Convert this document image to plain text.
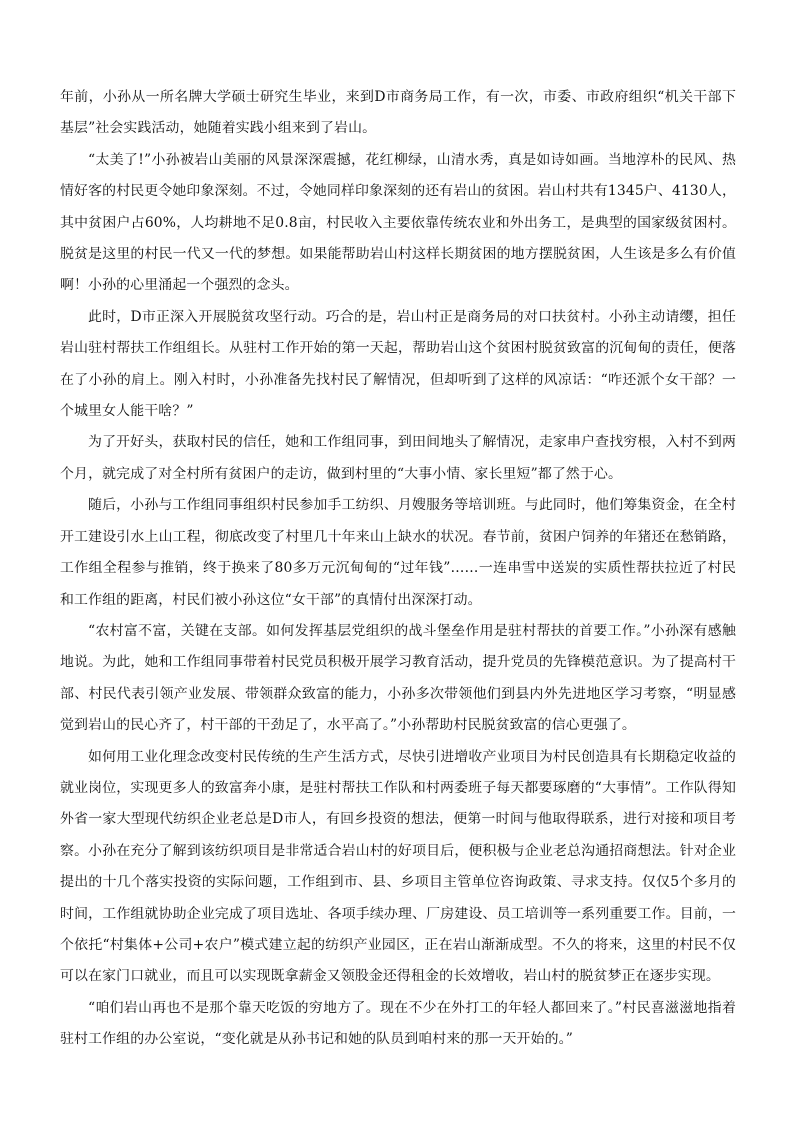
年前，小孙从一所名牌大学硕士研究生毕业，来到D市商务局工作，有一次，市委、市政府组织“机关干部下基层”社会实践活动，她随着实践小组来到了岩山。

“太美了!”小孙被岩山美丽的风景深深震撼，花红柳绿，山清水秀，真是如诗如画。当地淳朴的民风、热情好客的村民更令她印象深刻。不过，令她同样印象深刻的还有岩山的贫困。岩山村共有1345户、4130人，其中贫困户占60%，人均耕地不足0.8亩，村民收入主要依靠传统农业和外出务工，是典型的国家级贫困村。脱贫是这里的村民一代又一代的梦想。如果能帮助岩山村这样长期贫困的地方摆脱贫困，人生该是多么有价值啊！小孙的心里涌起一个强烈的念头。

此时，D市正深入开展脱贫攻坚行动。巧合的是，岩山村正是商务局的对口扶贫村。小孙主动请缨，担任岩山驻村帮扶工作组组长。从驻村工作开始的第一天起，帮助岩山这个贫困村脱贫致富的沉甸甸的责任，便落在了小孙的肩上。刚入村时，小孙准备先找村民了解情况，但却听到了这样的风凉话：“咋还派个女干部？一个城里女人能干啥？”

为了开好头，获取村民的信任，她和工作组同事，到田间地头了解情况，走家串户查找穷根，入村不到两个月，就完成了对全村所有贫困户的走访，做到村里的“大事小情、家长里短”都了然于心。

随后，小孙与工作组同事组织村民参加手工纺织、月嫂服务等培训班。与此同时，他们筹集资金，在全村开工建设引水上山工程，彻底改变了村里几十年来山上缺水的状况。春节前，贫困户饲养的年猪还在愁销路，工作组全程参与推销，终于换来了80多万元沉甸甸的“过年钱”……一连串雪中送炭的实质性帮扶拉近了村民和工作组的距离，村民们被小孙这位“女干部”的真情付出深深打动。

“农村富不富，关键在支部。如何发挥基层党组织的战斗堡垒作用是驻村帮扶的首要工作。”小孙深有感触地说。为此，她和工作组同事带着村民党员积极开展学习教育活动，提升党员的先锋模范意识。为了提高村干部、村民代表引领产业发展、带领群众致富的能力，小孙多次带领他们到县内外先进地区学习考察，“明显感觉到岩山的民心齐了，村干部的干劲足了，水平高了。”小孙帮助村民脱贫致富的信心更强了。

如何用工业化理念改变村民传统的生产生活方式，尽快引进增收产业项目为村民创造具有长期稳定收益的就业岗位，实现更多人的致富奔小康，是驻村帮扶工作队和村两委班子每天都要琢磨的“大事情”。工作队得知外省一家大型现代纺织企业老总是D市人，有回乡投资的想法，便第一时间与他取得联系，进行对接和项目考察。小孙在充分了解到该纺织项目是非常适合岩山村的好项目后，便积极与企业老总沟通招商想法。针对企业提出的十几个落实投资的实际问题，工作组到市、县、乡项目主管单位咨询政策、寻求支持。仅仅5个多月的时间，工作组就协助企业完成了项目选址、各项手续办理、厂房建设、员工培训等一系列重要工作。目前，一个依托“村集体+公司+农户”模式建立起的纺织产业园区，正在岩山渐渐成型。不久的将来，这里的村民不仅可以在家门口就业，而且可以实现既拿薪金又领股金还得租金的长效增收，岩山村的脱贫梦正在逐步实现。

“咱们岩山再也不是那个靠天吃饭的穷地方了。现在不少在外打工的年轻人都回来了。”村民喜滋滋地指着驻村工作组的办公室说，“变化就是从孙书记和她的队员到咱村来的那一天开始的。”
